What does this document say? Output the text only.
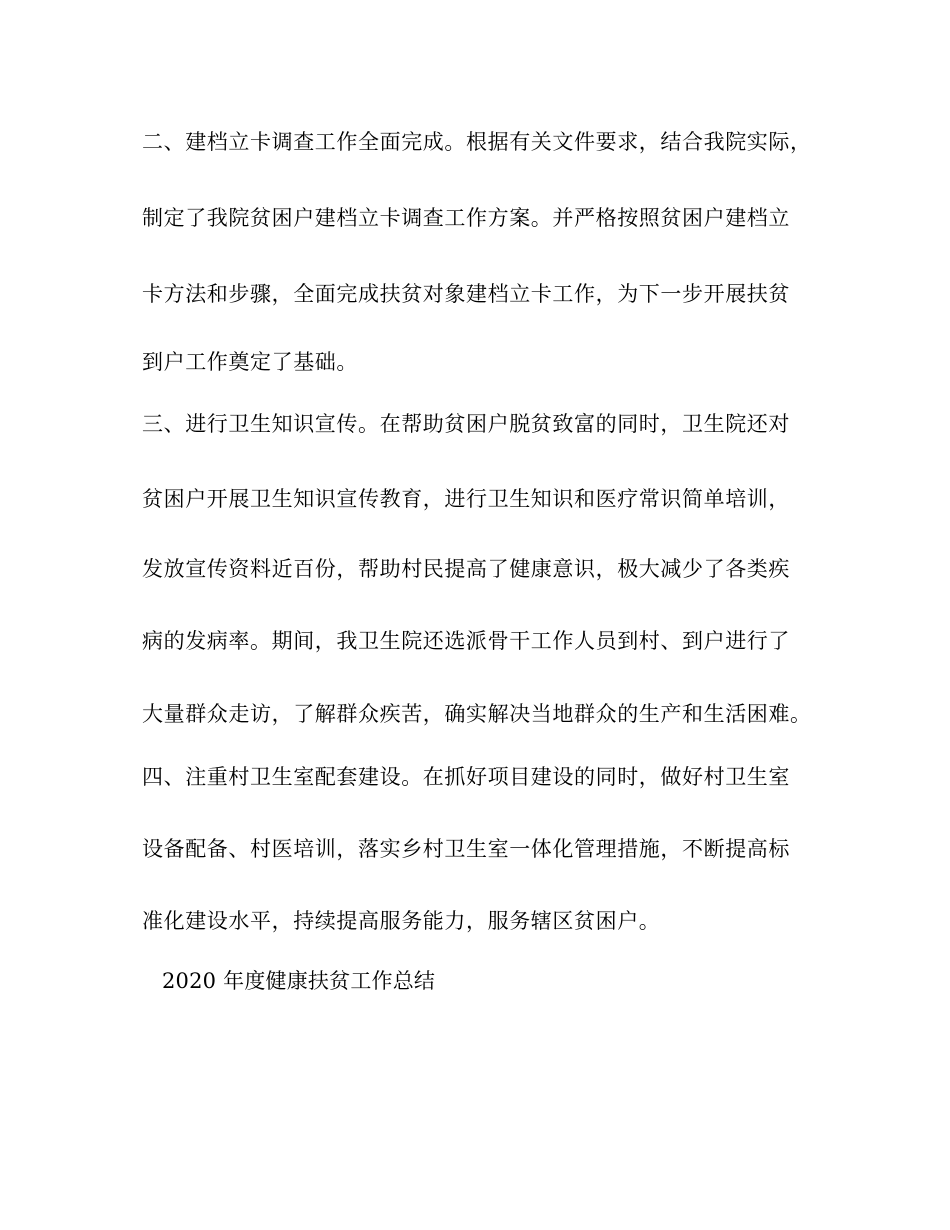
二、建档立卡调查工作全面完成。根据有关文件要求，结合我院实际，
制定了我院贫困户建档立卡调查工作方案。并严格按照贫困户建档立
卡方法和步骤，全面完成扶贫对象建档立卡工作，为下一步开展扶贫
到户工作奠定了基础。
三、进行卫生知识宣传。在帮助贫困户脱贫致富的同时，卫生院还对
贫困户开展卫生知识宣传教育，进行卫生知识和医疗常识简单培训，
发放宣传资料近百份，帮助村民提高了健康意识，极大减少了各类疾
病的发病率。期间，我卫生院还选派骨干工作人员到村、到户进行了
大量群众走访，了解群众疾苦，确实解决当地群众的生产和生活困难。
四、注重村卫生室配套建设。在抓好项目建设的同时，做好村卫生室
设备配备、村医培训，落实乡村卫生室一体化管理措施，不断提高标
准化建设水平，持续提高服务能力，服务辖区贫困户。
2020 年度健康扶贫工作总结
